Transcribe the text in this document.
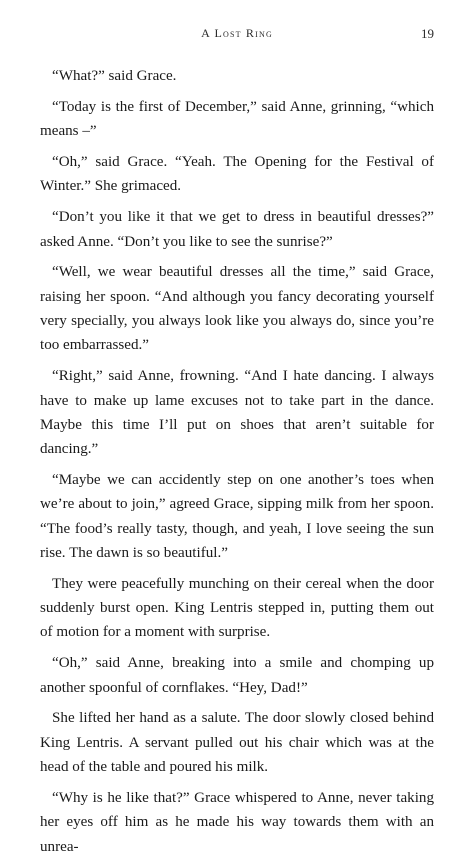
A Lost Ring	19

“What?” said Grace.

“Today is the first of December,” said Anne, grinning, “which means –”

“Oh,” said Grace. “Yeah. The Opening for the Festival of Winter.” She grimaced.

“Don’t you like it that we get to dress in beautiful dresses?” asked Anne. “Don’t you like to see the sunrise?”

“Well, we wear beautiful dresses all the time,” said Grace, raising her spoon. “And although you fancy decorating yourself very specially, you always look like you always do, since you’re too embarrassed.”

“Right,” said Anne, frowning. “And I hate dancing. I always have to make up lame excuses not to take part in the dance. Maybe this time I’ll put on shoes that aren’t suitable for dancing.”

“Maybe we can accidently step on one another’s toes when we’re about to join,” agreed Grace, sipping milk from her spoon. “The food’s really tasty, though, and yeah, I love seeing the sun rise. The dawn is so beautiful.”

They were peacefully munching on their cereal when the door suddenly burst open. King Lentris stepped in, putting them out of motion for a moment with surprise.

“Oh,” said Anne, breaking into a smile and chomping up another spoonful of cornflakes. “Hey, Dad!”

She lifted her hand as a salute. The door slowly closed behind King Lentris. A servant pulled out his chair which was at the head of the table and poured his milk.

“Why is he like that?” Grace whispered to Anne, never taking her eyes off him as he made his way towards them with an unrea-
